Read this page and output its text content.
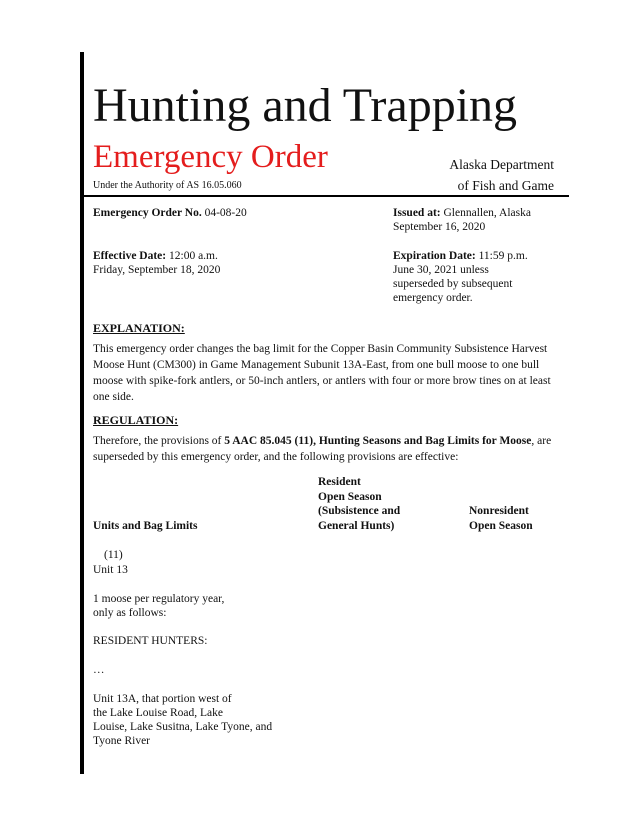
Hunting and Trapping
Emergency Order
Under the Authority of AS 16.05.060
Alaska Department
of Fish and Game
Emergency Order No. 04-08-20	Issued at: Glennallen, Alaska
September 16, 2020
Effective Date: 12:00 a.m.
Friday, September 18, 2020
Expiration Date: 11:59 p.m.
June 30, 2021 unless
superseded by subsequent
emergency order.
EXPLANATION:
This emergency order changes the bag limit for the Copper Basin Community Subsistence Harvest Moose Hunt (CM300) in Game Management Subunit 13A-East, from one bull moose to one bull moose with spike-fork antlers, or 50-inch antlers, or antlers with four or more brow tines on at least one side.
REGULATION:
Therefore, the provisions of 5 AAC 85.045 (11), Hunting Seasons and Bag Limits for Moose, are superseded by this emergency order, and the following provisions are effective:
Units and Bag Limits
Resident
Open Season
(Subsistence and
General Hunts)
Nonresident
Open Season
(11)
Unit 13
1 moose per regulatory year,
only as follows:
RESIDENT HUNTERS:
…
Unit 13A, that portion west of
the Lake Louise Road, Lake
Louise, Lake Susitna, Lake Tyone, and
Tyone River
